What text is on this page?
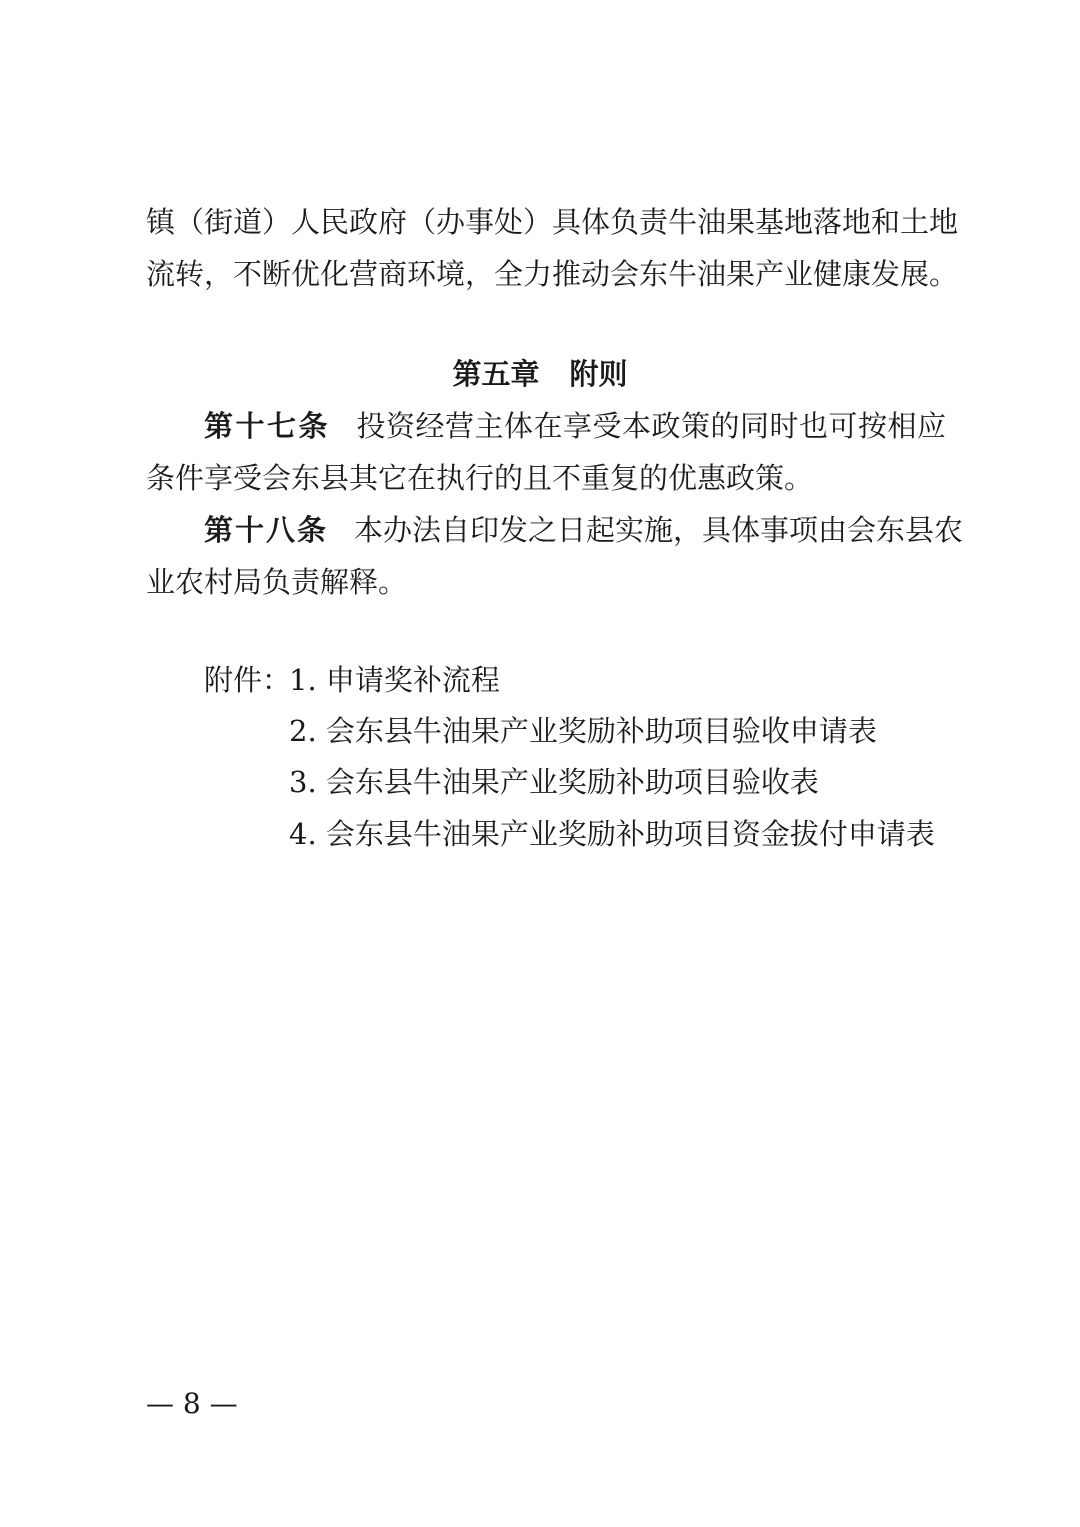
镇（街道）人民政府（办事处）具体负责牛油果基地落地和土地
流转，不断优化营商环境，全力推动会东牛油果产业健康发展。
第五章 附则
第十七条 投资经营主体在享受本政策的同时也可按相应
条件享受会东县其它在执行的且不重复的优惠政策。
第十八条 本办法自印发之日起实施，具体事项由会东县农
业农村局负责解释。
附件：
1. 申请奖补流程
2. 会东县牛油果产业奖励补助项目验收申请表
3. 会东县牛油果产业奖励补助项目验收表
4. 会东县牛油果产业奖励补助项目资金拔付申请表
— 8 —
